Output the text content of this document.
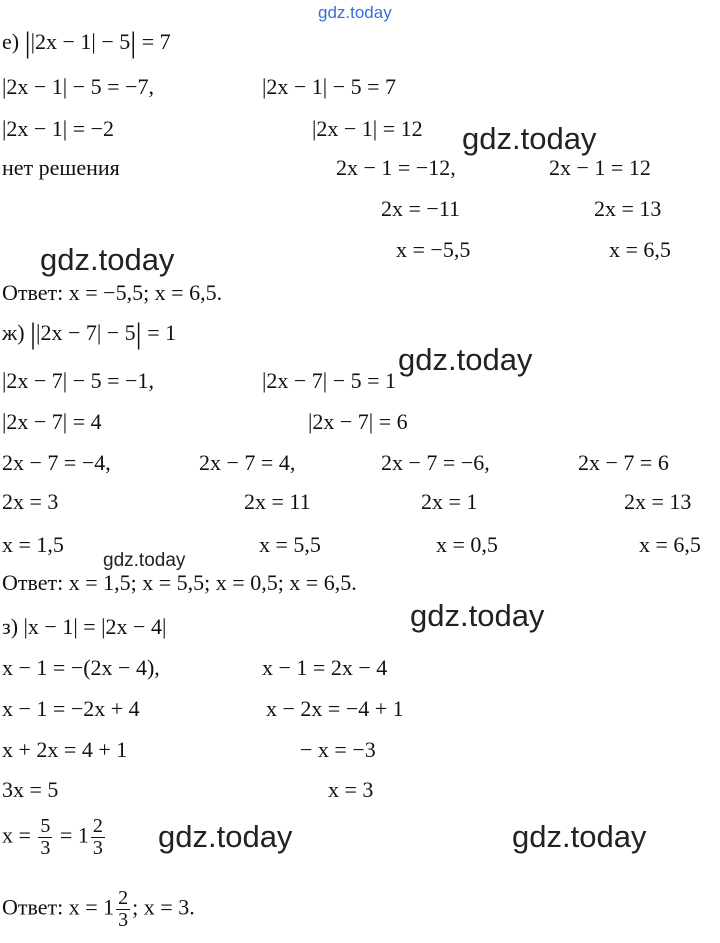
gdz.today
gdz.today
gdz.today
gdz.today
gdz.today
gdz.today
gdz.today	gdz.today
е) ||2x − 1| − 5| = 7
|2x − 1| − 5 = −7,	|2x − 1| − 5 = 7
|2x − 1| = −2	|2x − 1| = 12
нет решения	2x − 1 = −12,	2x − 1 = 12
2x = −11	2x = 13
x = −5,5	x = 6,5
Ответ: x = −5,5; x = 6,5.
ж) ||2x − 7| − 5| = 1
|2x − 7| − 5 = −1,	|2x − 7| − 5 = 1
|2x − 7| = 4	|2x − 7| = 6
2x − 7 = −4,	2x − 7 = 4,	2x − 7 = −6,	2x − 7 = 6
2x = 3	2x = 11	2x = 1	2x = 13
x = 1,5	x = 5,5	x = 0,5	x = 6,5
Ответ: x = 1,5; x = 5,5; x = 0,5; x = 6,5.
з) |x − 1| = |2x − 4|
x − 1 = −(2x − 4),	x − 1 = 2x − 4
x − 1 = −2x + 4	x − 2x = −4 + 1
x + 2x = 4 + 1	− x = −3
3x = 5	x = 3
$x = \frac{5}{3} = 1 \frac{2}{3}$
Ответ: $x = 1 \frac{2}{3}$ ; x = 3.
